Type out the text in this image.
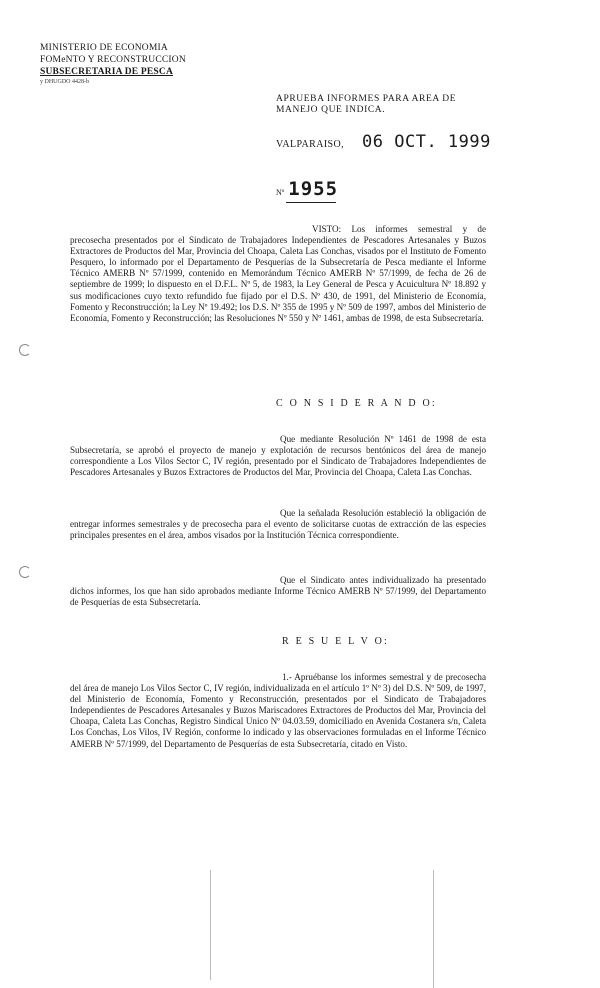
MINISTERIO DE ECONOMIA
FOMeNTO Y RECONSTRUCCION
SUBSECRETARIA DE PESCA
y DHUGDO 4428-b
APRUEBA INFORMES PARA AREA DE MANEJO QUE INDICA.
VALPARAISO, 06 OCT. 1999
Nº 1955
VISTO: Los informes semestral y de precosecha presentados por el Sindicato de Trabajadores Independientes de Pescadores Artesanales y Buzos Extractores de Productos del Mar, Provincia del Choapa, Caleta Las Conchas, visados por el Instituto de Fomento Pesquero, lo informado por el Departamento de Pesquerías de la Subsecretaría de Pesca mediante el Informe Técnico AMERB Nº 57/1999, contenido en Memorándum Técnico AMERB Nº 57/1999, de fecha de 26 de septiembre de 1999; lo dispuesto en el D.F.L. Nº 5, de 1983, la Ley General de Pesca y Acuicultura Nº 18.892 y sus modificaciones cuyo texto refundido fue fijado por el D.S. Nº 430, de 1991, del Ministerio de Economía, Fomento y Reconstrucción; la Ley Nº 19.492; los D.S. Nº 355 de 1995 y Nº 509 de 1997, ambos del Ministerio de Economía, Fomento y Reconstrucción; las Resoluciones Nº 550 y Nº 1461, ambas de 1998, de esta Subsecretaría.
C O N S I D E R A N D O:
Que mediante Resolución Nº 1461 de 1998 de esta Subsecretaría, se aprobó el proyecto de manejo y explotación de recursos bentónicos del área de manejo correspondiente a Los Vilos Sector C, IV región, presentado por el Sindicato de Trabajadores Independientes de Pescadores Artesanales y Buzos Extractores de Productos del Mar, Provincia del Choapa, Caleta Las Conchas.
Que la señalada Resolución estableció la obligación de entregar informes semestrales y de precosecha para el evento de solicitarse cuotas de extracción de las especies principales presentes en el área, ambos visados por la Institución Técnica correspondiente.
Que el Sindicato antes individualizado ha presentado dichos informes, los que han sido aprobados mediante Informe Técnico AMERB Nº 57/1999, del Departamento de Pesquerías de esta Subsecretaría.
R E S U E L V O:
1.- Apruébanse los informes semestral y de precosecha del área de manejo Los Vilos Sector C, IV región, individualizada en el artículo 1º Nº 3) del D.S. Nº 509, de 1997, del Ministerio de Economía, Fomento y Reconstrucción, presentados por el Sindicato de Trabajadores Independientes de Pescadores Artesanales y Buzos Mariscadores Extractores de Productos del Mar, Provincia del Choapa, Caleta Las Conchas, Registro Sindical Unico Nº 04.03.59, domiciliado en Avenida Costanera s/n, Caleta Los Conchas, Los Vilos, IV Región, conforme lo indicado y las observaciones formuladas en el Informe Técnico AMERB Nº 57/1999, del Departamento de Pesquerías de esta Subsecretaría, citado en Visto.
